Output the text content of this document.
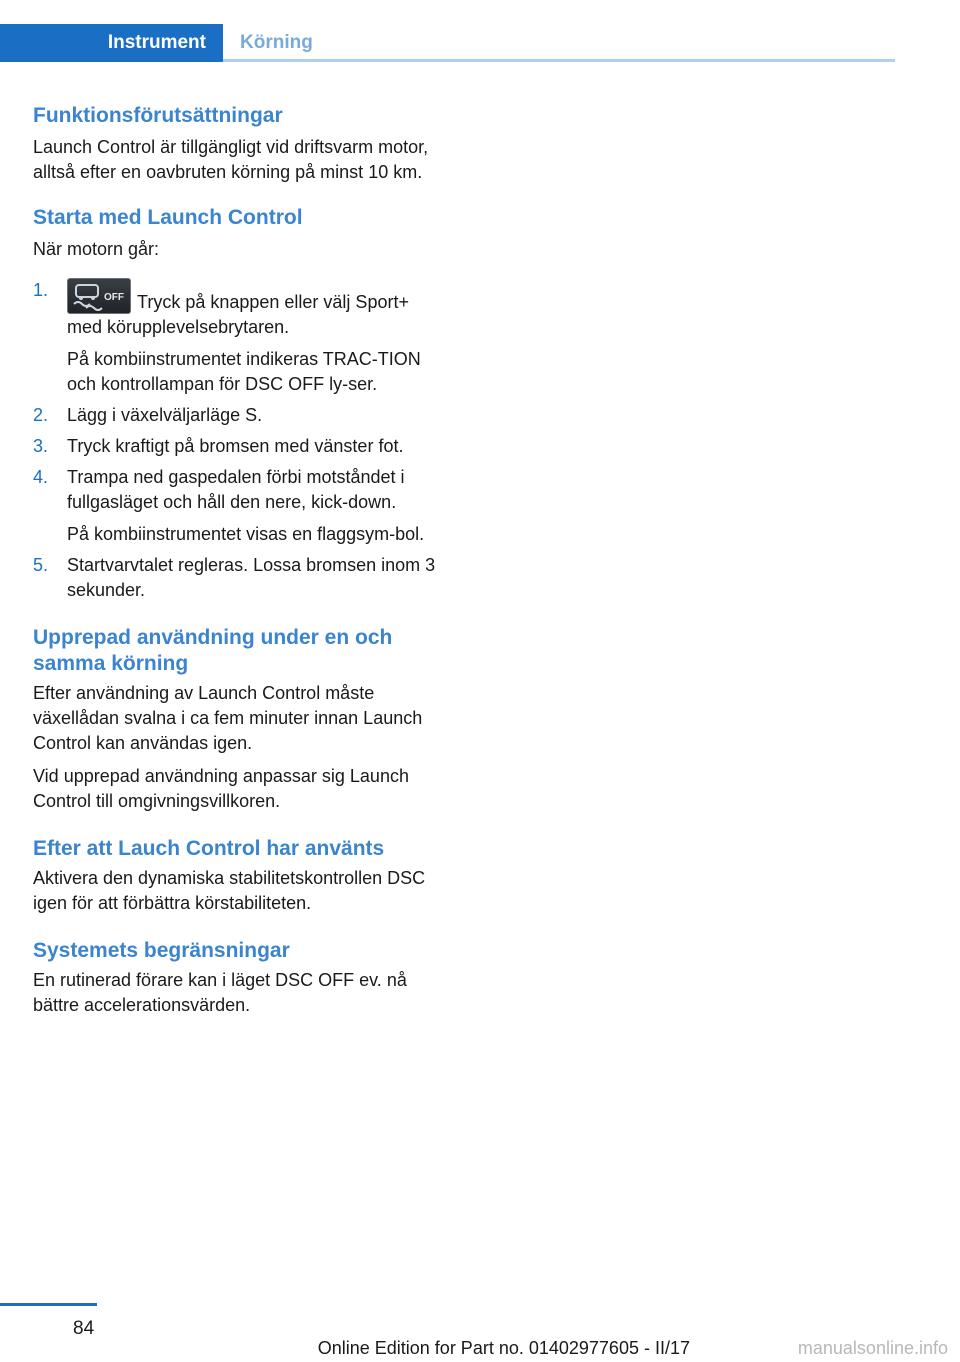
Instrument	Körning
Funktionsförutsättningar

Launch Control är tillgängligt vid driftsvarm motor, alltså efter en oavbruten körning på minst 10 km.

Starta med Launch Control

När motorn går:

1.	OFF Tryck på knappen eller välj Sport+ med körupplevelsebrytaren.

På kombiinstrumentet indikeras TRAC-TION och kontrollampan för DSC OFF ly-ser.

2. Lägg i växelväljarläge S.

3. Tryck kraftigt på bromsen med vänster fot.

4. Trampa ned gaspedalen förbi motståndet i fullgasläget och håll den nere, kick-down.

På kombiinstrumentet visas en flaggsym-bol.

5. Startvarvtalet regleras. Lossa bromsen inom 3 sekunder.

Upprepad användning under en och samma körning

Efter användning av Launch Control måste växellådan svalna i ca fem minuter innan Launch Control kan användas igen.

Vid upprepad användning anpassar sig Launch Control till omgivningsvillkoren.

Efter att Lauch Control har använts

Aktivera den dynamiska stabilitetskontrollen DSC igen för att förbättra körstabiliteten.

Systemets begränsningar

En rutinerad förare kan i läget DSC OFF ev. nå bättre accelerationsvärden.

84
Online Edition for Part no. 01402977605 - II/17	manualsonline.info
